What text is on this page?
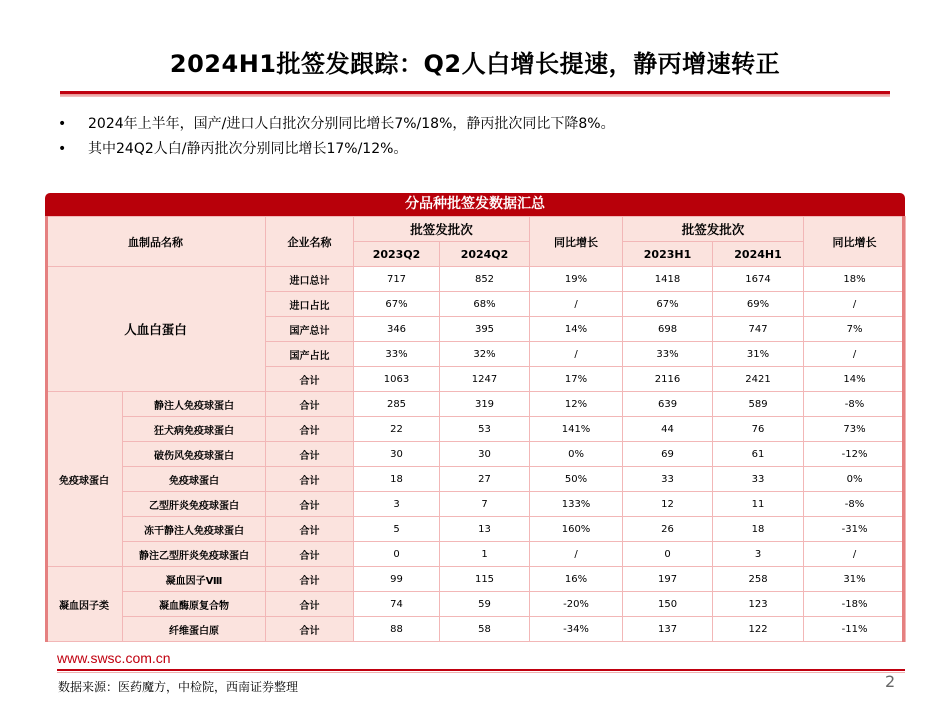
2024H1批签发跟踪：Q2人白增长提速，静丙增速转正
•	2024年上半年，国产/进口人白批次分别同比增长7%/18%，静丙批次同比下降8%。
•	其中24Q2人白/静丙批次分别同比增长17%/12%。
分品种批签发数据汇总
血制品名称		企业名称	批签发批次		同比增长	批签发批次		同比增长
			2023Q2	2024Q2		2023H1	2024H1	
人血白蛋白		进口总计	717	852	19%	1418	1674	18%
		进口占比	67%	68%	/	67%	69%	/
		国产总计	346	395	14%	698	747	7%
		国产占比	33%	32%	/	33%	31%	/
		合计	1063	1247	17%	2116	2421	14%
免疫球蛋白	静注人免疫球蛋白	合计	285	319	12%	639	589	-8%
	狂犬病免疫球蛋白	合计	22	53	141%	44	76	73%
	破伤风免疫球蛋白	合计	30	30	0%	69	61	-12%
	免疫球蛋白	合计	18	27	50%	33	33	0%
	乙型肝炎免疫球蛋白	合计	3	7	133%	12	11	-8%
	冻干静注人免疫球蛋白	合计	5	13	160%	26	18	-31%
	静注乙型肝炎免疫球蛋白	合计	0	1	/	0	3	/
凝血因子类	凝血因子Ⅷ	合计	99	115	16%	197	258	31%
	凝血酶原复合物	合计	74	59	-20%	150	123	-18%
	纤维蛋白原	合计	88	58	-34%	137	122	-11%
www.swsc.com.cn
数据来源：医药魔方，中检院，西南证券整理	2
